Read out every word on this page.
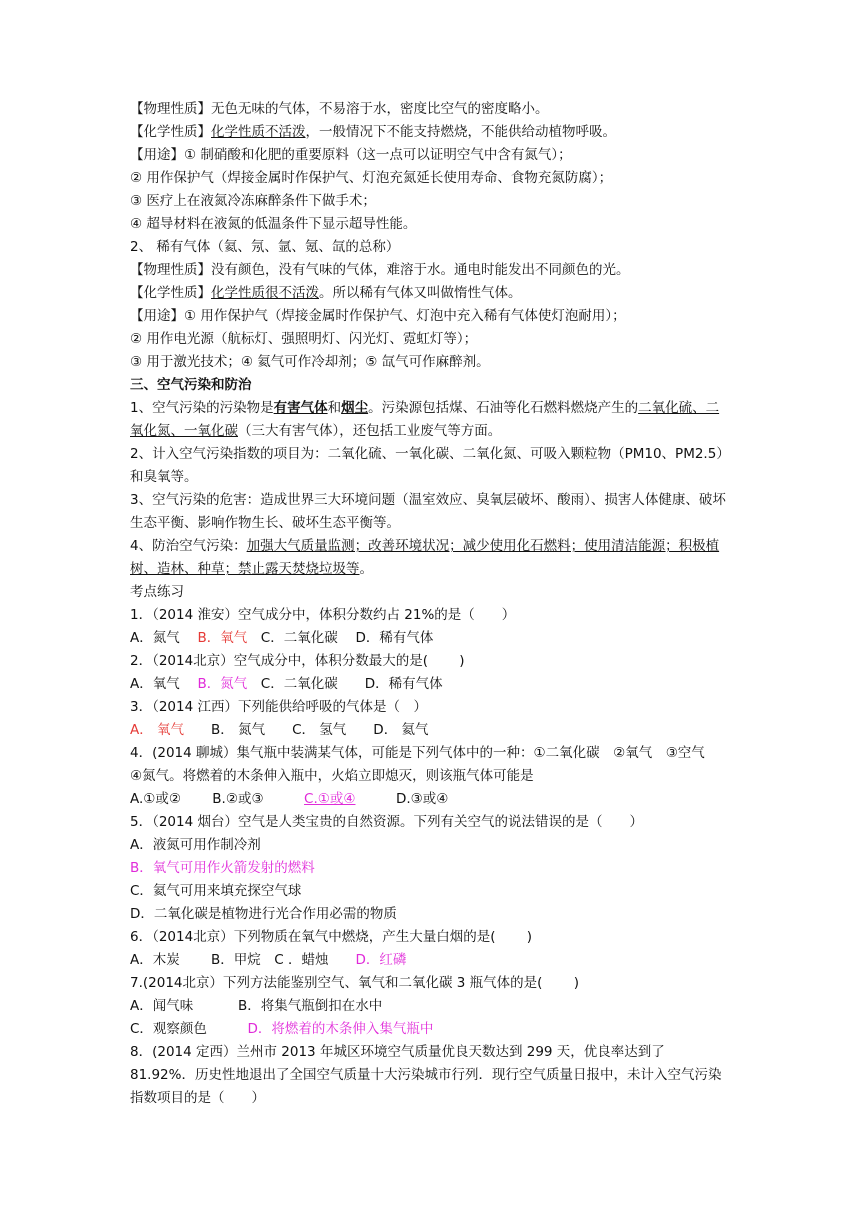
【物理性质】无色无味的气体，不易溶于水，密度比空气的密度略小。
【化学性质】化学性质不活泼，一般情况下不能支持燃烧，不能供给动植物呼吸。
【用途】① 制硝酸和化肥的重要原料（这一点可以证明空气中含有氮气）；
② 用作保护气（焊接金属时作保护气、灯泡充氮延长使用寿命、食物充氮防腐）；
③ 医疗上在液氮冷冻麻醉条件下做手术；
④ 超导材料在液氮的低温条件下显示超导性能。
2、 稀有气体（氦、氖、氩、氪、氙的总称）
【物理性质】没有颜色，没有气味的气体，难溶于水。通电时能发出不同颜色的光。
【化学性质】化学性质很不活泼。所以稀有气体又叫做惰性气体。
【用途】① 用作保护气（焊接金属时作保护气、灯泡中充入稀有气体使灯泡耐用）；
② 用作电光源（航标灯、强照明灯、闪光灯、霓虹灯等）；
③ 用于激光技术；④ 氦气可作冷却剂；⑤ 氙气可作麻醉剂。
三、空气污染和防治
1、空气污染的污染物是有害气体和烟尘。污染源包括煤、石油等化石燃料燃烧产生的二氧化硫、二氧化氮、一氧化碳（三大有害气体），还包括工业废气等方面。
2、计入空气污染指数的项目为：二氧化硫、一氧化碳、二氧化氮、可吸入颗粒物（PM10、PM2.5）和臭氧等。
3、空气污染的危害：造成世界三大环境问题（温室效应、臭氧层破坏、酸雨）、损害人体健康、破坏生态平衡、影响作物生长、破坏生态平衡等。
4、防治空气污染：加强大气质量监测；改善环境状况；减少使用化石燃料；使用清洁能源；积极植树、造林、种草；禁止露天焚烧垃圾等。
考点练习
1．（2014 淮安）空气成分中，体积分数约占 21%的是（　　）
A．氮气　 B．氧气　C．二氧化碳　 D．稀有气体
2．（2014北京）空气成分中，体积分数最大的是(　　 )
A．氧气　 B．氮气　C．二氧化碳　　D．稀有气体
3．（2014 江西）下列能供给呼吸的气体是（　）
A． 氧气　　B． 氮气　　C． 氢气　　D． 氦气
4．(2014 聊城）集气瓶中装满某气体，可能是下列气体中的一种：①二氧化碳　②氧气　③空气　④氮气。将燃着的木条伸入瓶中，火焰立即熄灭，则该瓶气体可能是
A.①或②　　 B.②或③　　　C.①或④　　　D.③或④
5．（2014 烟台）空气是人类宝贵的自然资源。下列有关空气的说法错误的是（　　）
A．液氮可用作制冷剂
B．氧气可用作火箭发射的燃料
C．氦气可用来填充探空气球
D．二氧化碳是植物进行光合作用必需的物质
6．（2014北京）下列物质在氧气中燃烧，产生大量白烟的是(　　 )
A．木炭　　 B．甲烷　C ．蜡烛　　D．红磷
7.(2014北京）下列方法能鉴别空气、氧气和二氧化碳 3 瓶气体的是(　　 )
A．闻气味　　　 B．将集气瓶倒扣在水中
C．观察颜色　　　D．将燃着的木条伸入集气瓶中
8．(2014 定西）兰州市 2013 年城区环境空气质量优良天数达到 299 天，优良率达到了 81.92%．历史性地退出了全国空气质量十大污染城市行列．现行空气质量日报中，未计入空气污染指数项目的是（　　）
